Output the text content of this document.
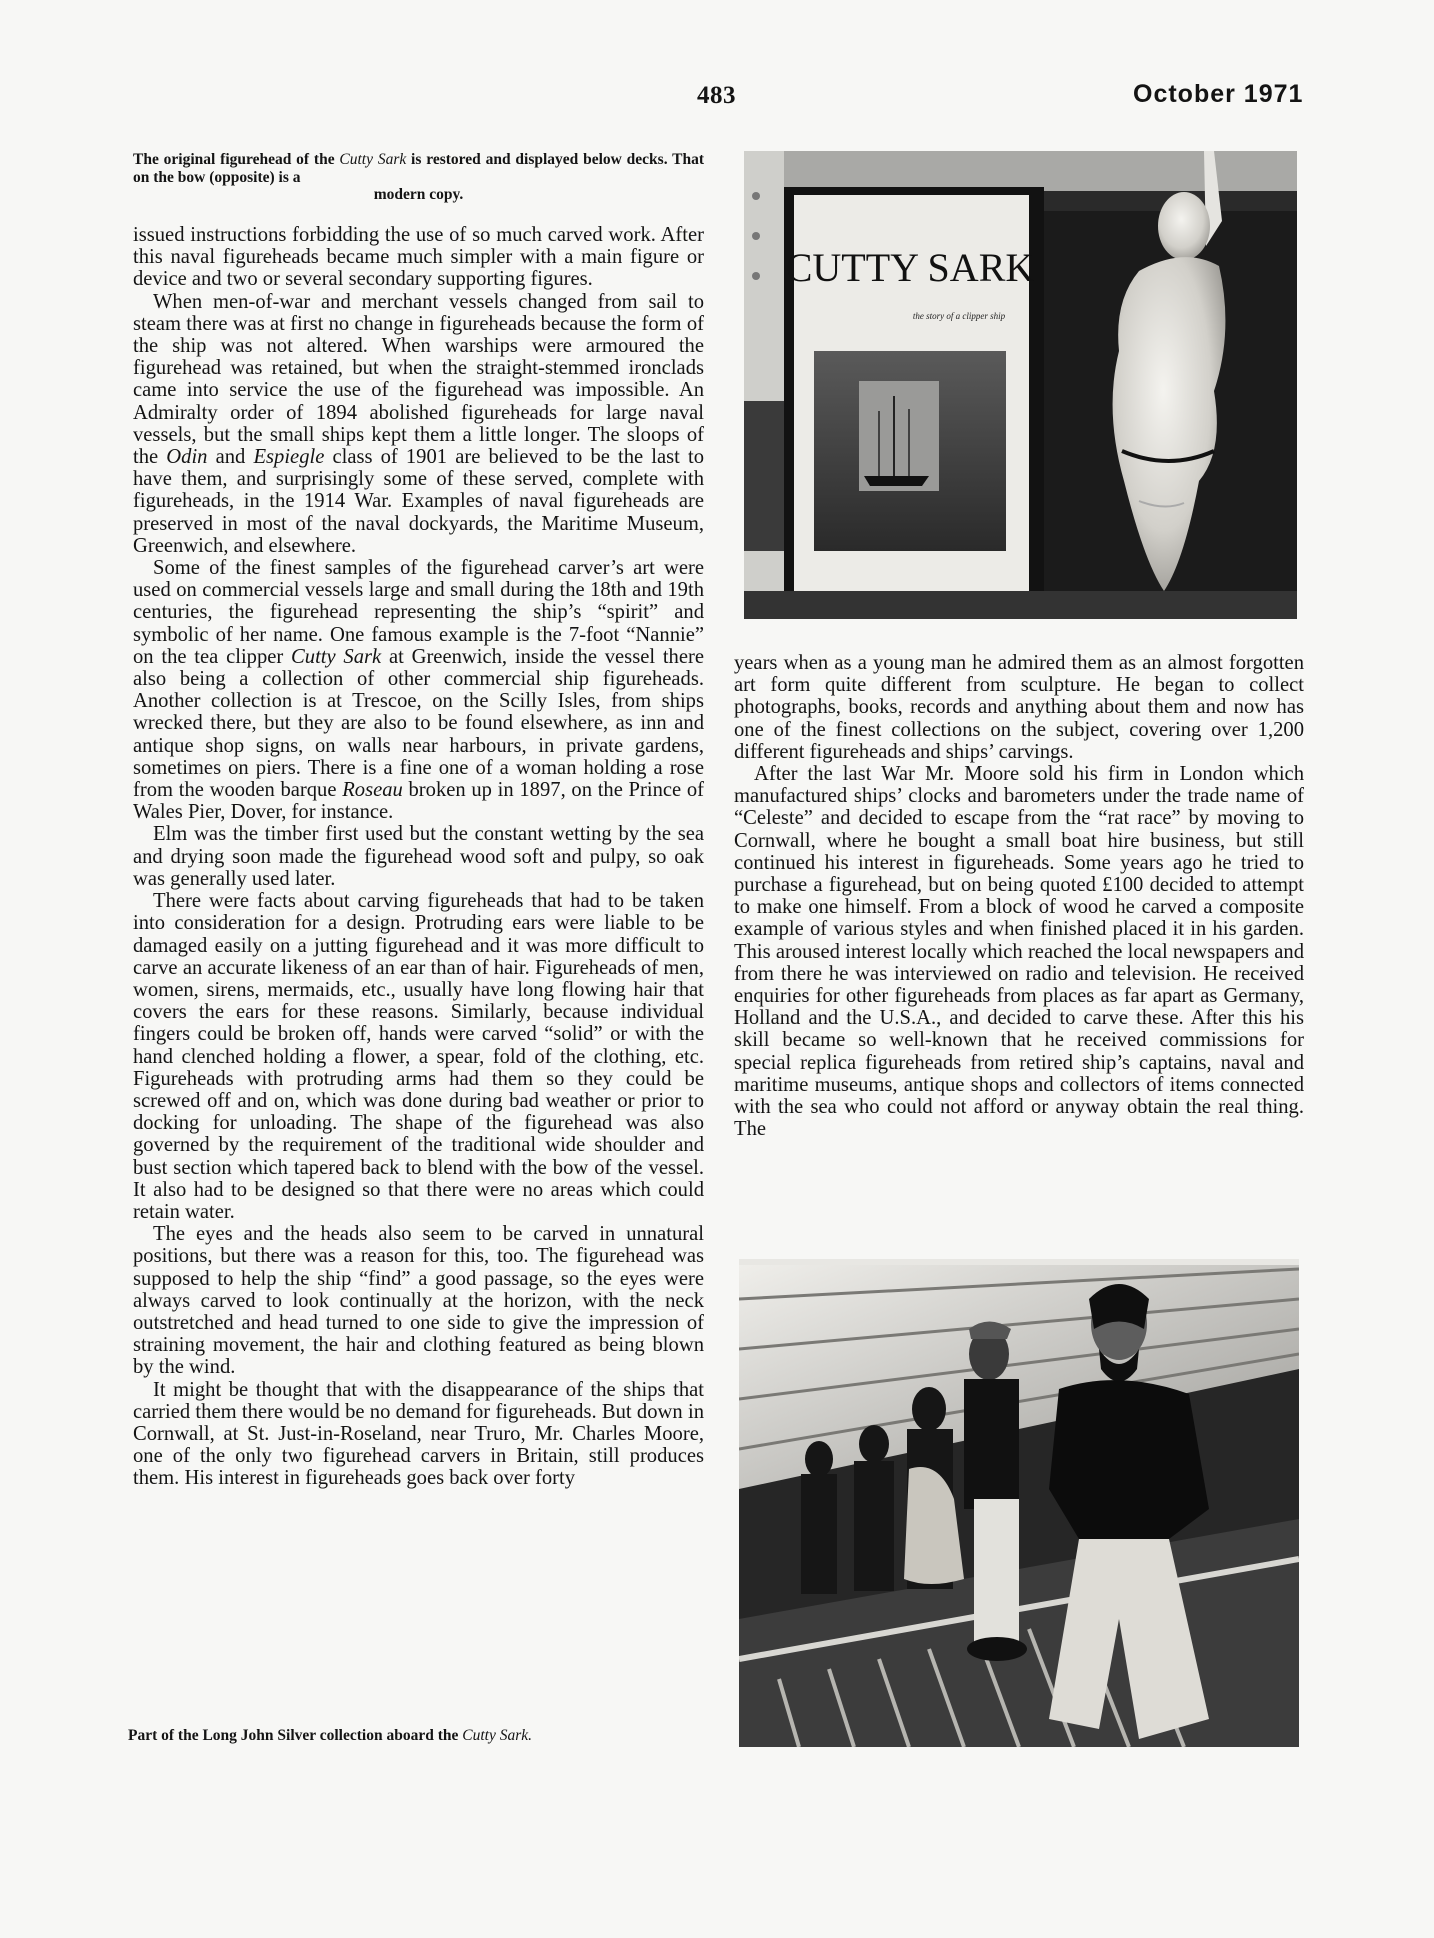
483	October 1971
The original figurehead of the Cutty Sark is restored and displayed below decks. That on the bow (opposite) is a
modern copy.

issued instructions forbidding the use of so much carved work. After this naval figureheads became much simpler with a main figure or device and two or several secondary supporting figures.

When men-of-war and merchant vessels changed from sail to steam there was at first no change in figureheads because the form of the ship was not altered. When warships were armoured the figurehead was retained, but when the straight-stemmed ironclads came into service the use of the figurehead was impossible. An Admiralty order of 1894 abolished figureheads for large naval vessels, but the small ships kept them a little longer. The sloops of the Odin and Espiegle class of 1901 are believed to be the last to have them, and surprisingly some of these served, complete with figureheads, in the 1914 War. Examples of naval figureheads are preserved in most of the naval dockyards, the Maritime Museum, Greenwich, and elsewhere.

Some of the finest samples of the figurehead carver’s art were used on commercial vessels large and small during the 18th and 19th centuries, the figurehead representing the ship’s “spirit” and symbolic of her name. One famous example is the 7-foot “Nannie” on the tea clipper Cutty Sark at Greenwich, inside the vessel there also being a collection of other commercial ship figureheads. Another collection is at Trescoe, on the Scilly Isles, from ships wrecked there, but they are also to be found elsewhere, as inn and antique shop signs, on walls near harbours, in private gardens, sometimes on piers. There is a fine one of a woman holding a rose from the wooden barque Roseau broken up in 1897, on the Prince of Wales Pier, Dover, for instance.

Elm was the timber first used but the constant wetting by the sea and drying soon made the figurehead wood soft and pulpy, so oak was generally used later.

There were facts about carving figureheads that had to be taken into consideration for a design. Protruding ears were liable to be damaged easily on a jutting figurehead and it was more difficult to carve an accurate likeness of an ear than of hair. Figureheads of men, women, sirens, mermaids, etc., usually have long flowing hair that covers the ears for these reasons. Similarly, because individual fingers could be broken off, hands were carved “solid” or with the hand clenched holding a flower, a spear, fold of the clothing, etc. Figureheads with protruding arms had them so they could be screwed off and on, which was done during bad weather or prior to docking for unloading. The shape of the figurehead was also governed by the requirement of the traditional wide shoulder and bust section which tapered back to blend with the bow of the vessel. It also had to be designed so that there were no areas which could retain water.

The eyes and the heads also seem to be carved in unnatural positions, but there was a reason for this, too. The figurehead was supposed to help the ship “find” a good passage, so the eyes were always carved to look continually at the horizon, with the neck outstretched and head turned to one side to give the impression of straining movement, the hair and clothing featured as being blown by the wind.

It might be thought that with the disappearance of the ships that carried them there would be no demand for figureheads. But down in Cornwall, at St. Just-in-Roseland, near Truro, Mr. Charles Moore, one of the only two figurehead carvers in Britain, still produces them. His interest in figureheads goes back over forty

CUTTY SARK
the story of a clipper ship

years when as a young man he admired them as an almost forgotten art form quite different from sculpture. He began to collect photographs, books, records and anything about them and now has one of the finest collections on the subject, covering over 1,200 different figureheads and ships’ carvings.

After the last War Mr. Moore sold his firm in London which manufactured ships’ clocks and barometers under the trade name of “Celeste” and decided to escape from the “rat race” by moving to Cornwall, where he bought a small boat hire business, but still continued his interest in figureheads. Some years ago he tried to purchase a figurehead, but on being quoted £100 decided to attempt to make one himself. From a block of wood he carved a composite example of various styles and when finished placed it in his garden. This aroused interest locally which reached the local newspapers and from there he was interviewed on radio and television. He received enquiries for other figureheads from places as far apart as Germany, Holland and the U.S.A., and decided to carve these. After this his skill became so well-known that he received commissions for special replica figureheads from retired ship’s captains, naval and maritime museums, antique shops and collectors of items connected with the sea who could not afford or anyway obtain the real thing. The

Part of the Long John Silver collection aboard the Cutty Sark.
